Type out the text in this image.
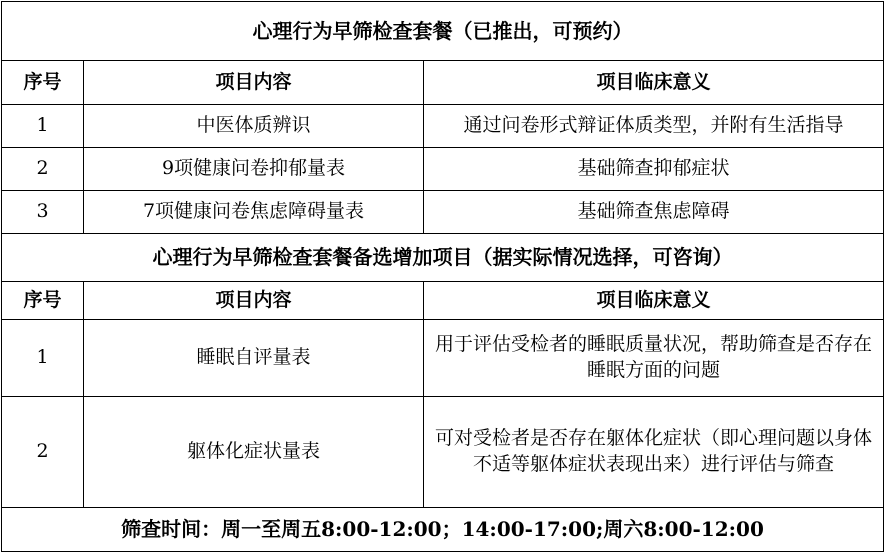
心理行为早筛检查套餐（已推出，可预约）		
序号	项目内容	项目临床意义
1	中医体质辨识	通过问卷形式辩证体质类型，并附有生活指导
2	9项健康问卷抑郁量表	基础筛查抑郁症状
3	7项健康问卷焦虑障碍量表	基础筛查焦虑障碍
心理行为早筛检查套餐备选增加项目（据实际情况选择，可咨询）		
序号	项目内容	项目临床意义
1	睡眠自评量表	用于评估受检者的睡眠质量状况，帮助筛查是否存在睡眠方面的问题
2	躯体化症状量表	可对受检者是否存在躯体化症状（即心理问题以身体不适等躯体症状表现出来）进行评估与筛查
筛查时间：周一至周五8:00-12:00；14:00-17:00;周六8:00-12:00		
